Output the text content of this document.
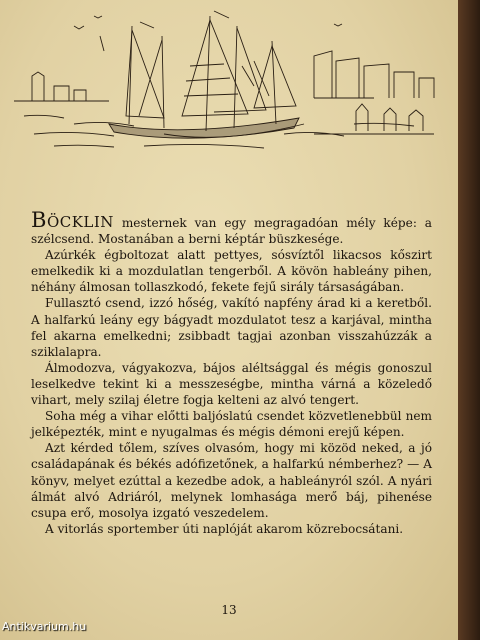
BÖCKLIN mesternek van egy megragadóan mély képe: a szélcsend. Mostanában a berni képtár büszkesége.

Azúrkék égboltozat alatt pettyes, sósvíztől likacsos kőszirt emelkedik ki a mozdulatlan tengerből. A kövön hableány pihen, néhány álmosan tollaszkodó, fekete fejű sirály társaságában.

Fullasztó csend, izzó hőség, vakító napfény árad ki a keretből. A halfarkú leány egy bágyadt mozdulatot tesz a karjával, mintha fel akarna emelkedni; zsibbadt tagjai azonban visszahúzzák a sziklalapra.

Álmodozva, vágyakozva, bájos aléltsággal és mégis gonoszul leselkedve tekint ki a messzeségbe, mintha várná a közeledő vihart, mely szilaj életre fogja kelteni az alvó tengert.

Soha még a vihar előtti baljóslatú csendet közvetlenebbül nem jelképezték, mint e nyugalmas és mégis démoni erejű képen.

Azt kérded tőlem, szíves olvasóm, hogy mi közöd neked, a jó családapának és békés adófizetőnek, a halfarkú némberhez? — A könyv, melyet ezúttal a kezedbe adok, a hableányról szól. A nyári álmát alvó Adriáról, melynek lomhasága merő báj, pihenése csupa erő, mosolya izgató veszedelem.

A vitorlás sportember úti naplóját akarom közrebocsátani.

13
Antikvarium.hu
